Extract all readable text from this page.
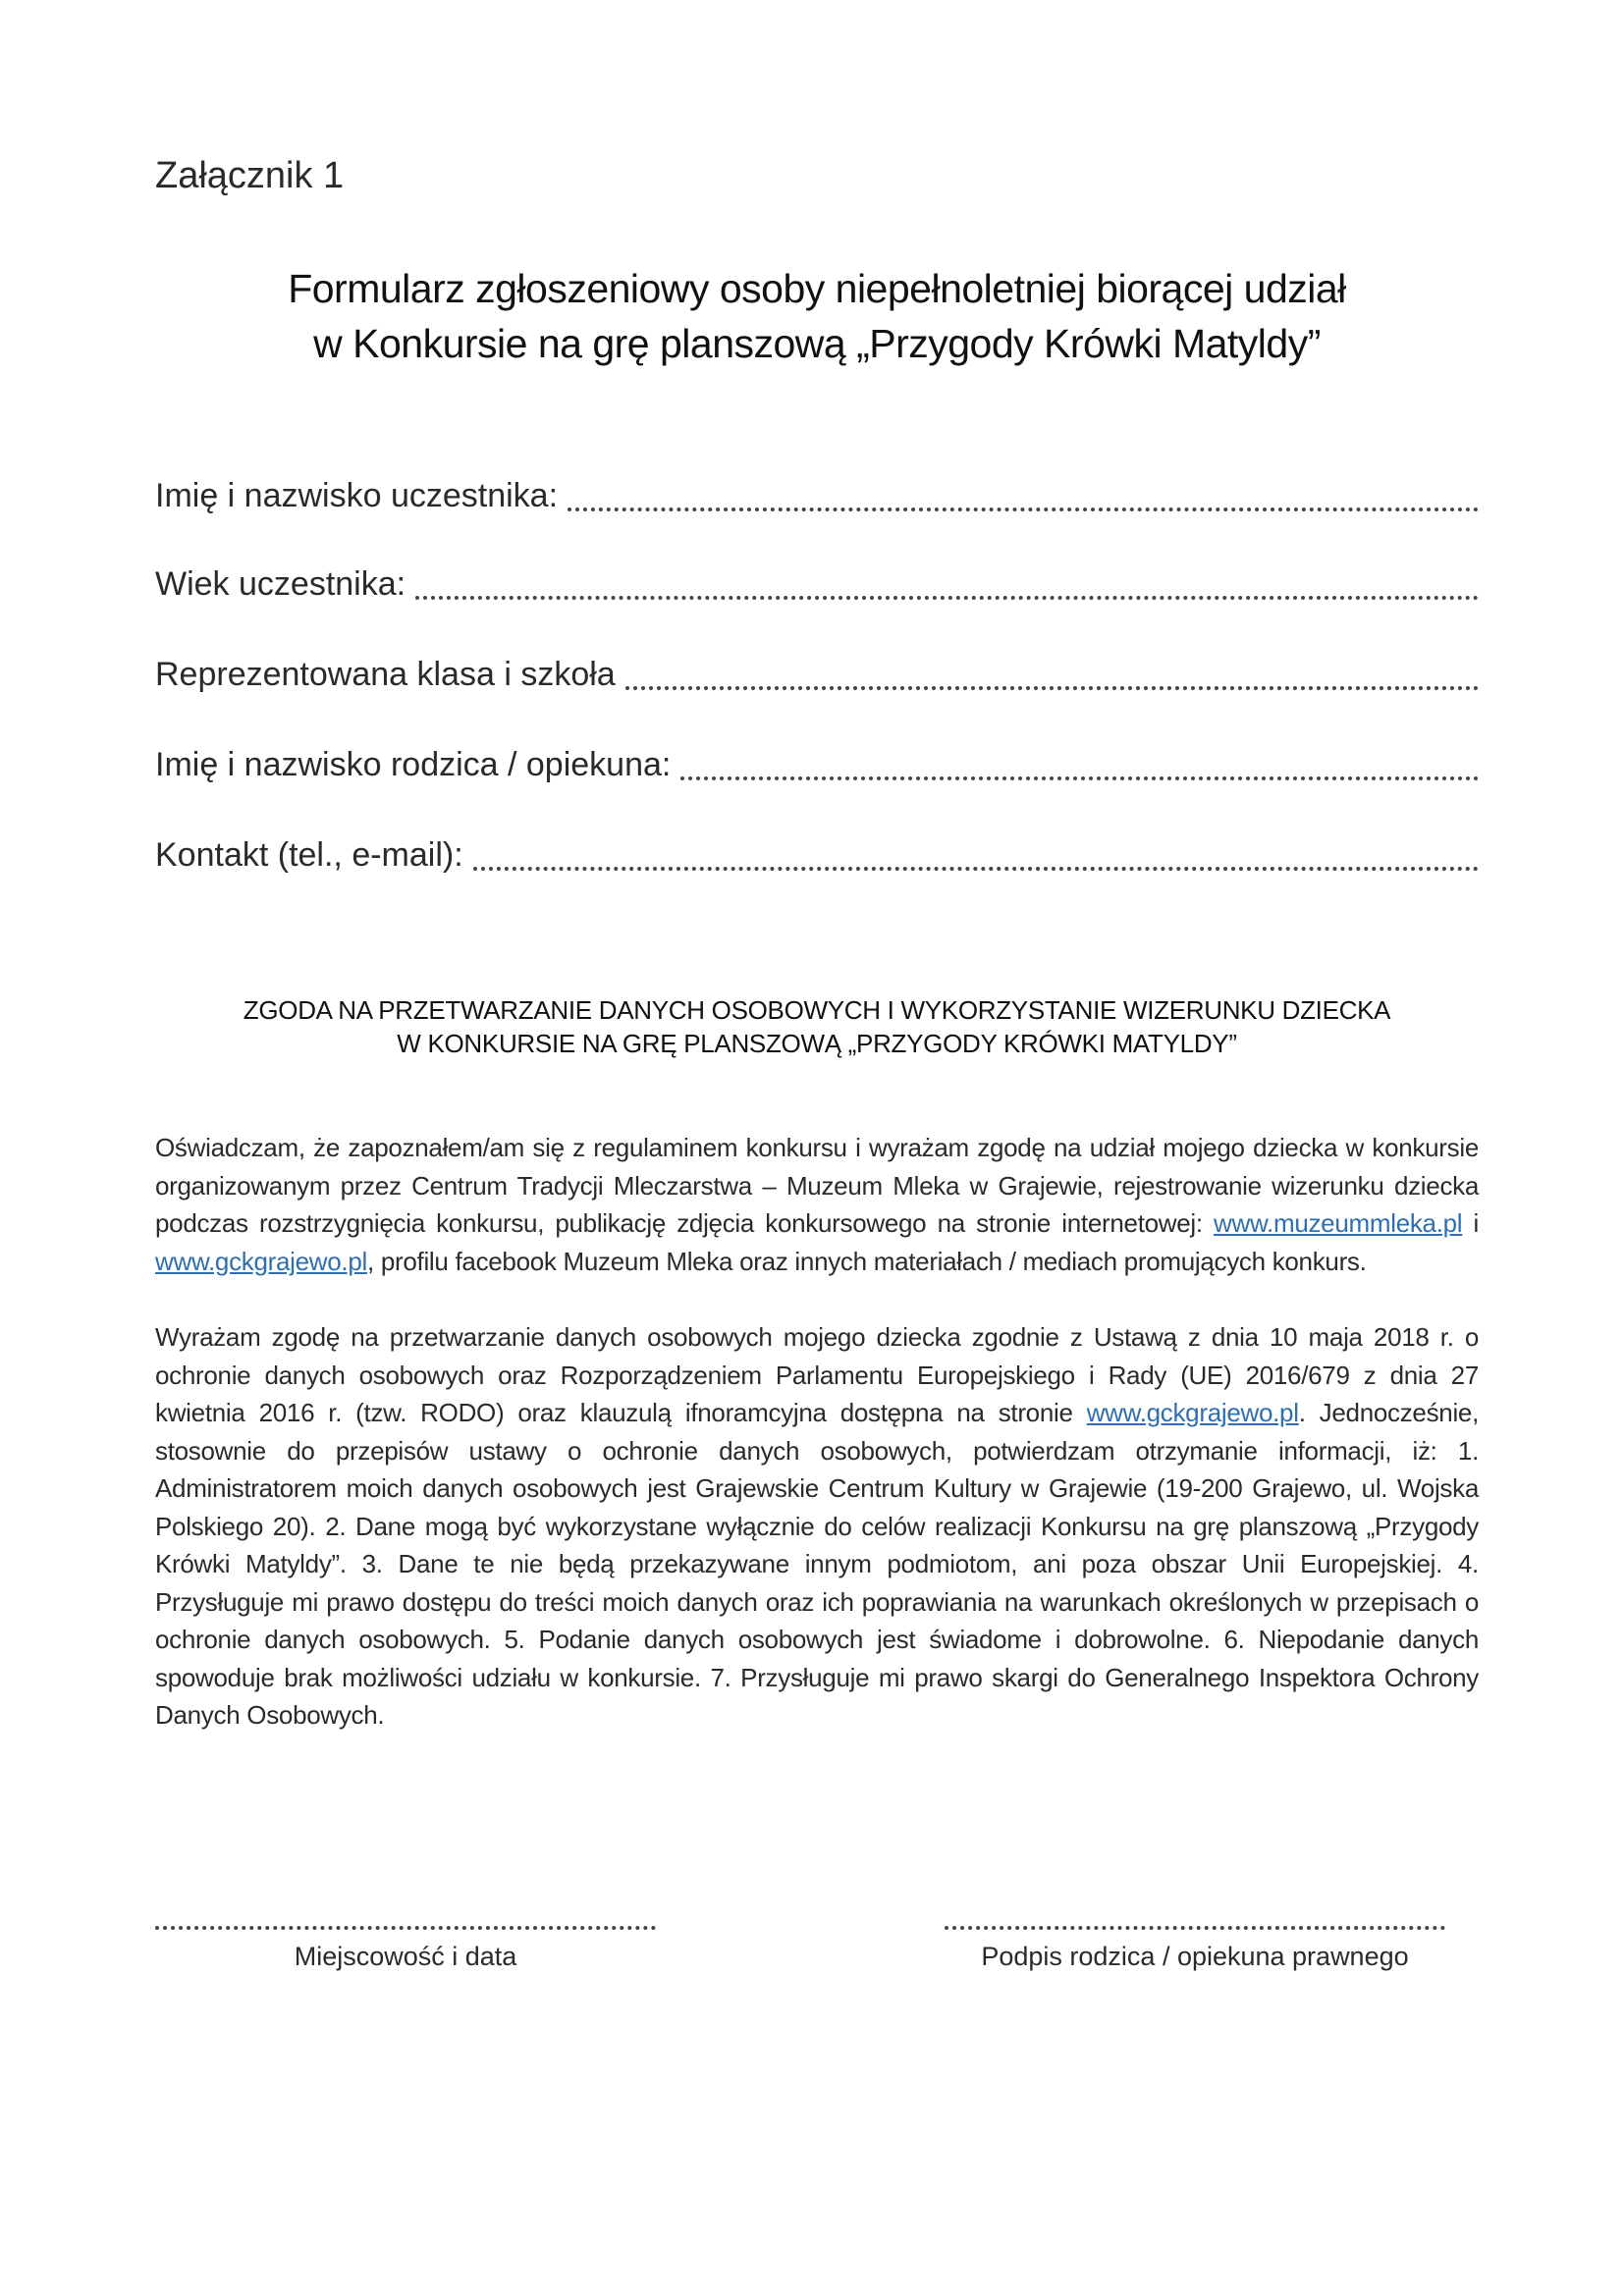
Załącznik 1
Formularz zgłoszeniowy osoby niepełnoletniej biorącej udział
w Konkursie na grę planszową „Przygody Krówki Matyldy”
Imię i nazwisko uczestnika:
Wiek uczestnika:
Reprezentowana klasa i szkoła
Imię i nazwisko rodzica / opiekuna:
Kontakt (tel., e-mail):
ZGODA NA PRZETWARZANIE DANYCH OSOBOWYCH I WYKORZYSTANIE WIZERUNKU DZIECKA
W KONKURSIE NA GRĘ PLANSZOWĄ „PRZYGODY KRÓWKI MATYLDY”
Oświadczam, że zapoznałem/am się z regulaminem konkursu i wyrażam zgodę na udział mojego dziecka w konkursie organizowanym przez Centrum Tradycji Mleczarstwa – Muzeum Mleka w Grajewie, rejestrowanie wizerunku dziecka podczas rozstrzygnięcia konkursu, publikację zdjęcia konkursowego na stronie internetowej: www.muzeummleka.pl i www.gckgrajewo.pl, profilu facebook Muzeum Mleka oraz innych materiałach / mediach promujących konkurs.
Wyrażam zgodę na przetwarzanie danych osobowych mojego dziecka zgodnie z Ustawą z dnia 10 maja 2018 r. o ochronie danych osobowych oraz Rozporządzeniem Parlamentu Europejskiego i Rady (UE) 2016/679 z dnia 27 kwietnia 2016 r. (tzw. RODO) oraz klauzulą ifnoramcyjna dostępna na stronie www.gckgrajewo.pl. Jednocześnie, stosownie do przepisów ustawy o ochronie danych osobowych, potwierdzam otrzymanie informacji, iż: 1. Administratorem moich danych osobowych jest Grajewskie Centrum Kultury w Grajewie (19-200 Grajewo, ul. Wojska Polskiego 20). 2. Dane mogą być wykorzystane wyłącznie do celów realizacji Konkursu na grę planszową „Przygody Krówki Matyldy”. 3. Dane te nie będą przekazywane innym podmiotom, ani poza obszar Unii Europejskiej. 4. Przysługuje mi prawo dostępu do treści moich danych oraz ich poprawiania na warunkach określonych w przepisach o ochronie danych osobowych. 5. Podanie danych osobowych jest świadome i dobrowolne. 6. Niepodanie danych spowoduje brak możliwości udziału w konkursie. 7. Przysługuje mi prawo skargi do Generalnego Inspektora Ochrony Danych Osobowych.
Miejscowość i data	Podpis rodzica / opiekuna prawnego
